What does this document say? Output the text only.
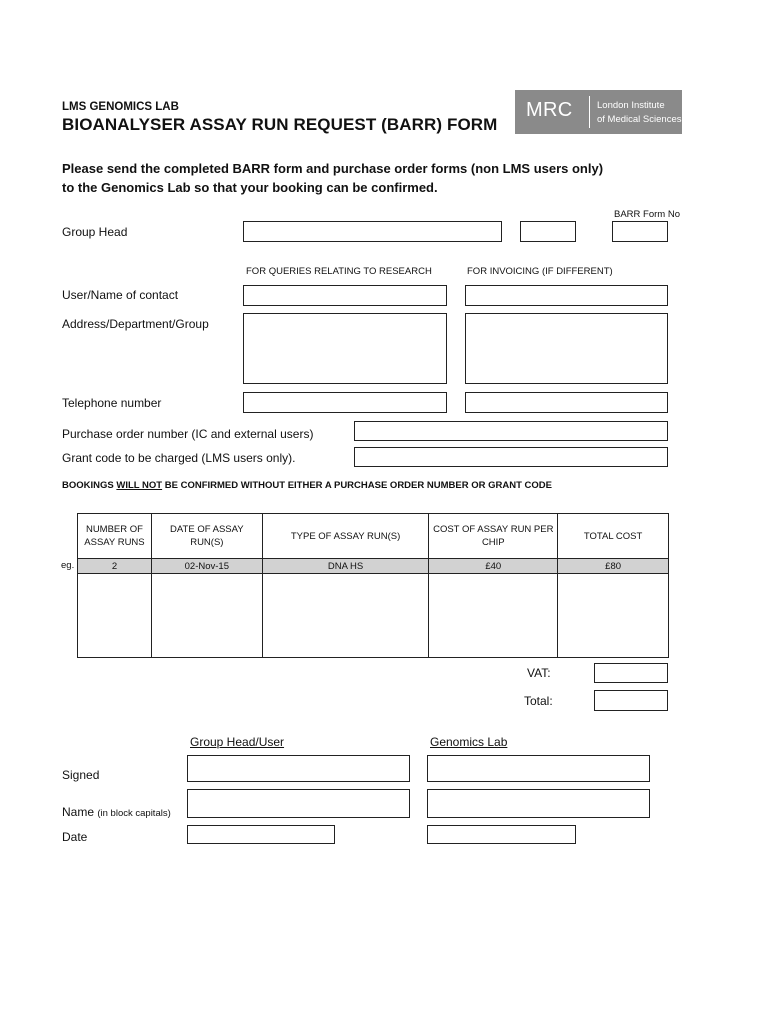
LMS GENOMICS LAB
BIOANALYSER ASSAY RUN REQUEST (BARR) FORM
MRC	London Institute
of Medical Sciences
Please send the completed BARR form and purchase order forms (non LMS users only)
to the Genomics Lab so that your booking can be confirmed.
BARR Form No
Group Head
FOR QUERIES RELATING TO RESEARCH	FOR INVOICING (IF DIFFERENT)
User/Name of contact
Address/Department/Group
Telephone number
Purchase order number (IC and external users)
Grant code to be charged (LMS users only).
BOOKINGS WILL NOT BE CONFIRMED WITHOUT EITHER A PURCHASE ORDER NUMBER OR GRANT CODE
eg.
NUMBER OF ASSAY RUNS	DATE OF ASSAY RUN(S)	TYPE OF ASSAY RUN(S)	COST OF ASSAY RUN PER CHIP	TOTAL COST
2	02-Nov-15	DNA HS	£40	£80

VAT:
Total:
Group Head/User	Genomics Lab
Signed
Name (in block capitals)
Date
